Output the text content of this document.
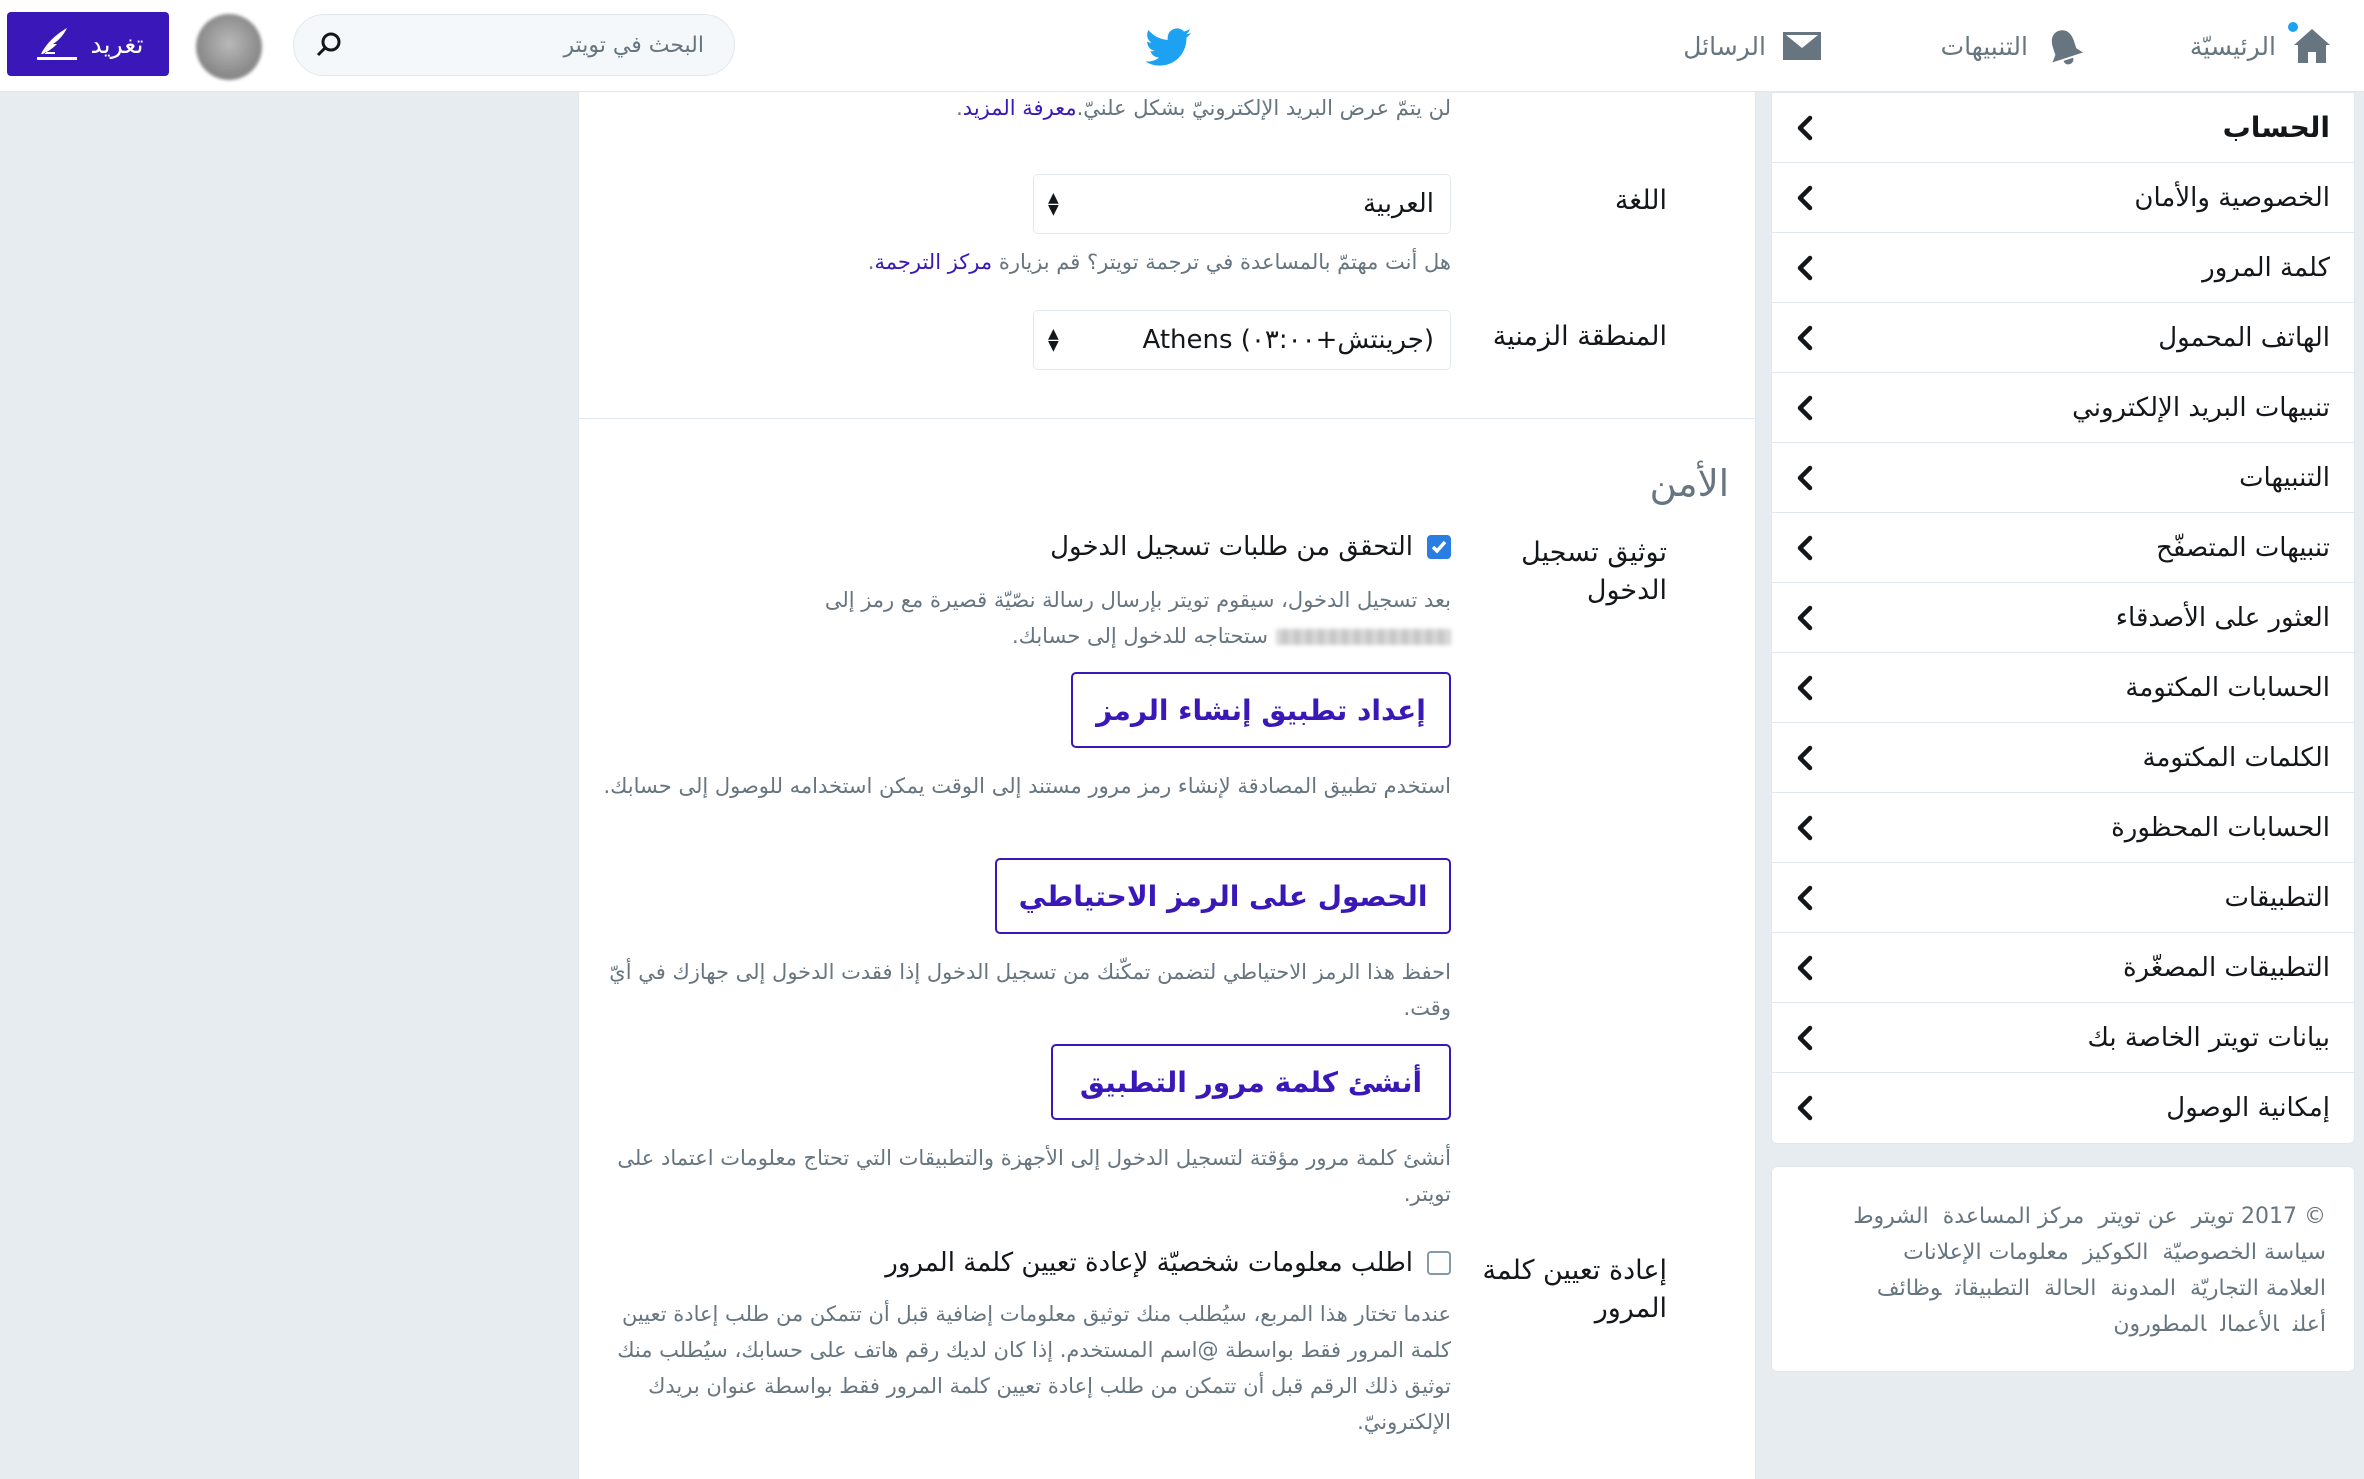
الرئيسيّة
التنبيهات
الرسائل
البحث في تويتر
تغريد
الحساب
الخصوصية والأمان
كلمة المرور
الهاتف المحمول
تنبيهات البريد الإلكتروني
التنبيهات
تنبيهات المتصفّح
العثور على الأصدقاء
الحسابات المكتومة
الكلمات المكتومة
الحسابات المحظورة
التطبيقات
التطبيقات المصغّرة
بيانات تويتر الخاصة بك
إمكانية الوصول
© 2017 تويترعن تويترمركز المساعدةالشروط سياسة الخصوصيّةالكوكيزمعلومات الإعلانات العلامة التجاريّةالمدونةالحالةالتطبيقاتوظائف أعلنالأعمالالمطورون
لن يتمّ عرض البريد الإلكترونيّ بشكل علنيّ.معرفة المزيد.
اللغة
العربية
▲
▼
هل أنت مهتمّ بالمساعدة في ترجمة تويتر؟ قم بزيارة مركز الترجمة.
المنطقة الزمنية
(جرينتش+٠٣:٠٠) Athens
▲
▼
الأمن
توثيق تسجيل الدخول
التحقق من طلبات تسجيل الدخول
بعد تسجيل الدخول، سيقوم تويتر بإرسال رسالة نصّيّة قصيرة مع رمز إلى
ستحتاجه للدخول إلى حسابك.
إعداد تطبيق إنشاء الرمز
استخدم تطبيق المصادقة لإنشاء رمز مرور مستند إلى الوقت يمكن استخدامه للوصول إلى حسابك.
الحصول على الرمز الاحتياطي
احفظ هذا الرمز الاحتياطي لتضمن تمكّنك من تسجيل الدخول إذا فقدت الدخول إلى جهازك في أيّ وقت.
أنشئ كلمة مرور التطبيق
أنشئ كلمة مرور مؤقتة لتسجيل الدخول إلى الأجهزة والتطبيقات التي تحتاج معلومات اعتماد على تويتر.
إعادة تعيين كلمة المرور
اطلب معلومات شخصيّة لإعادة تعيين كلمة المرور
عندما تختار هذا المربع، سيُطلب منك توثيق معلومات إضافية قبل أن تتمكن من طلب إعادة تعيين كلمة المرور فقط بواسطة @اسم المستخدم. إذا كان لديك رقم هاتف على حسابك، سيُطلب منك توثيق ذلك الرقم قبل أن تتمكن من طلب إعادة تعيين كلمة المرور فقط بواسطة عنوان بريدك الإلكترونيّ.
